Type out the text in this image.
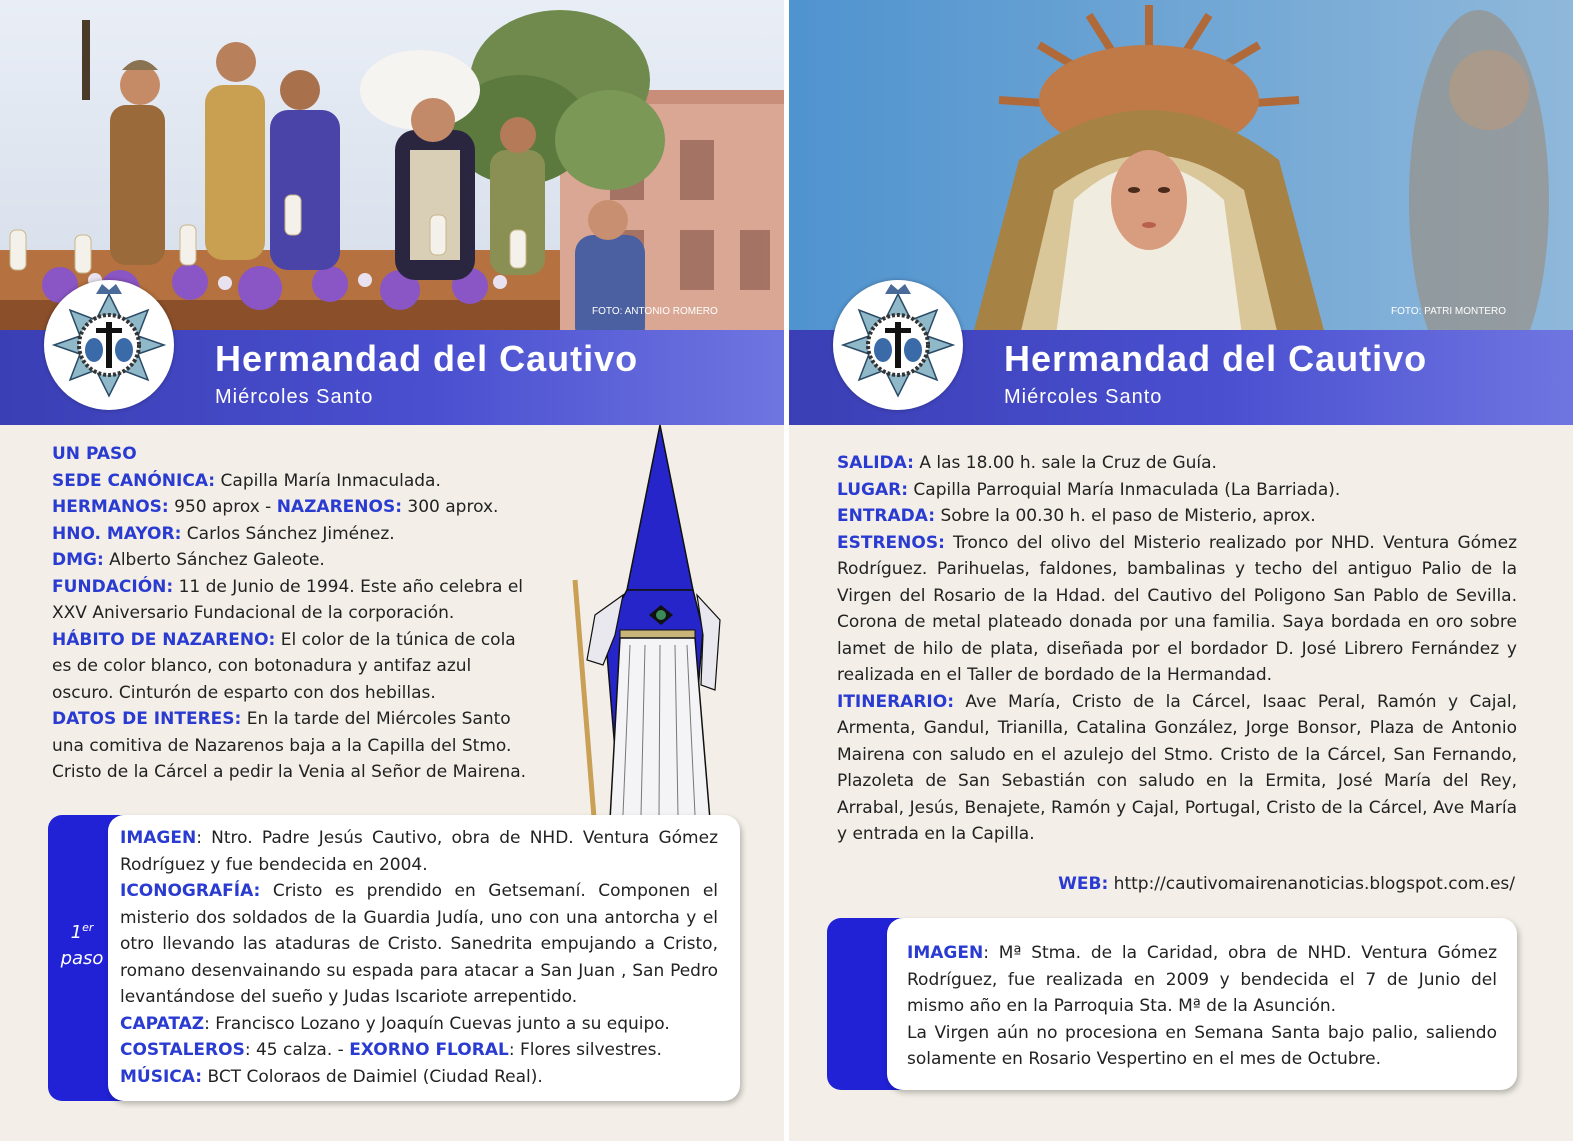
FOTO: ANTONIO ROMERO
Hermandad del Cautivo
Miércoles Santo

UN PASO

SEDE CANÓNICA: Capilla María Inmaculada.

HERMANOS: 950 aprox - NAZARENOS: 300 aprox.

HNO. MAYOR: Carlos Sánchez Jiménez.

DMG: Alberto Sánchez Galeote.

FUNDACIÓN: 11 de Junio de 1994. Este año celebra el XXV Aniversario Fundacional de la corporación.

HÁBITO DE NAZARENO: El color de la túnica de cola es de color blanco, con botonadura y antifaz azul oscuro. Cinturón de esparto con dos hebillas.

DATOS DE INTERES: En la tarde del Miércoles Santo una comitiva de Nazarenos baja a la Capilla del Stmo. Cristo de la Cárcel a pedir la Venia al Señor de Mairena.

1er
paso

IMAGEN: Ntro. Padre Jesús Cautivo, obra de NHD. Ventura Gómez Rodríguez y fue bendecida en 2004.

ICONOGRAFÍA: Cristo es prendido en Getsemaní. Componen el misterio dos soldados de la Guardia Judía, uno con una antorcha y el otro llevando las ataduras de Cristo. Sanedrita empujando a Cristo, romano desenvainando su espada para atacar a San Juan , San Pedro levantándose del sueño y Judas Iscariote arrepentido.

CAPATAZ: Francisco Lozano y Joaquín Cuevas junto a su equipo.

COSTALEROS: 45 calza. - EXORNO FLORAL: Flores silvestres.

MÚSICA: BCT Coloraos de Daimiel (Ciudad Real).

FOTO: PATRI MONTERO
Hermandad del Cautivo
Miércoles Santo

SALIDA: A las 18.00 h. sale la Cruz de Guía.

LUGAR: Capilla Parroquial María Inmaculada (La Barriada).

ENTRADA: Sobre la 00.30 h. el paso de Misterio, aprox.

ESTRENOS: Tronco del olivo del Misterio realizado por NHD. Ventura Gómez Rodríguez. Parihuelas, faldones, bambalinas y techo del antiguo Palio de la Virgen del Rosario de la Hdad. del Cautivo del Poligono San Pablo de Sevilla. Corona de metal plateado donada por una familia. Saya bordada en oro sobre lamet de hilo de plata, diseñada por el bordador D. José Librero Fernández y realizada en el Taller de bordado de la Hermandad.

ITINERARIO: Ave María, Cristo de la Cárcel, Isaac Peral, Ramón y Cajal, Armenta, Gandul, Trianilla, Catalina González, Jorge Bonsor, Plaza de Antonio Mairena con saludo en el azulejo del Stmo. Cristo de la Cárcel, San Fernando, Plazoleta de San Sebastián con saludo en la Ermita, José María del Rey, Arrabal, Jesús, Benajete, Ramón y Cajal, Portugal, Cristo de la Cárcel, Ave María y entrada en la Capilla.

WEB: http://cautivomairenanoticias.blogspot.com.es/

IMAGEN: Mª Stma. de la Caridad, obra de NHD. Ventura Gómez Rodríguez, fue realizada en 2009 y bendecida el 7 de Junio del mismo año en la Parroquia Sta. Mª de la Asunción.

La Virgen aún no procesiona en Semana Santa bajo palio, saliendo solamente en Rosario Vespertino en el mes de Octubre.
